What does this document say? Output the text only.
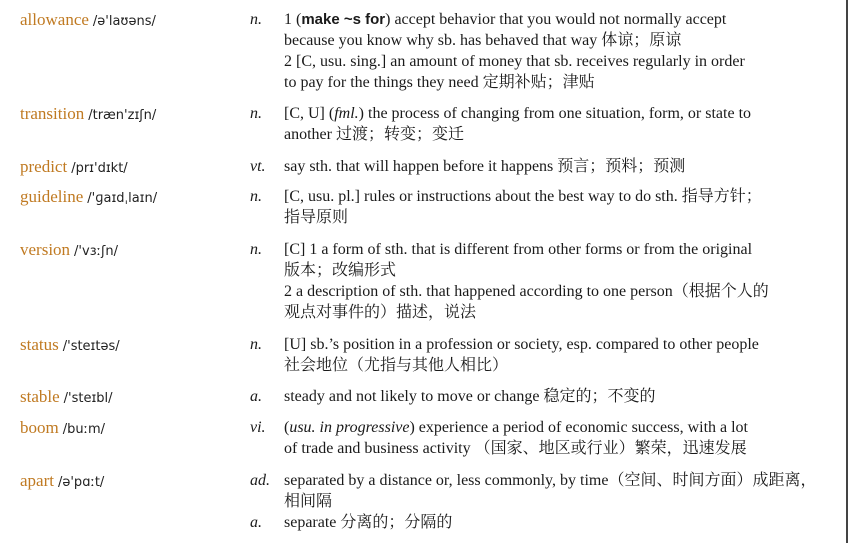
allowance /ə'laʊəns/	n. 1 (make ~s for) accept behavior that you would not normally accept
because you know why sb. has behaved that way 体谅；原谅
2 [C, usu. sing.] an amount of money that sb. receives regularly in order
to pay for the things they need 定期补贴；津贴
transition /træn'zɪʃn/	n. [C, U] (fml.) the process of changing from one situation, form, or state to
another 过渡；转变；变迁
predict /prɪ'dɪkt/	vt. say sth. that will happen before it happens 预言；预料；预测
guideline /'ɡaɪdˌlaɪn/	n. [C, usu. pl.] rules or instructions about the best way to do sth. 指导方针；
指导原则
version /'vɜːʃn/	n. [C] 1 a form of sth. that is different from other forms or from the original
版本；改编形式
2 a description of sth. that happened according to one person（根据个人的
观点对事件的）描述，说法
status /'steɪtəs/	n. [U] sb.’s position in a profession or society, esp. compared to other people
社会地位（尤指与其他人相比）
stable /'steɪbl/	a. steady and not likely to move or change 稳定的；不变的
boom /buːm/	vi. (usu. in progressive) experience a period of economic success, with a lot
of trade and business activity （国家、地区或行业）繁荣，迅速发展
apart /ə'pɑːt/	ad. separated by a distance or, less commonly, by time（空间、时间方面）成距离，
相间隔
a. separate 分离的；分隔的
